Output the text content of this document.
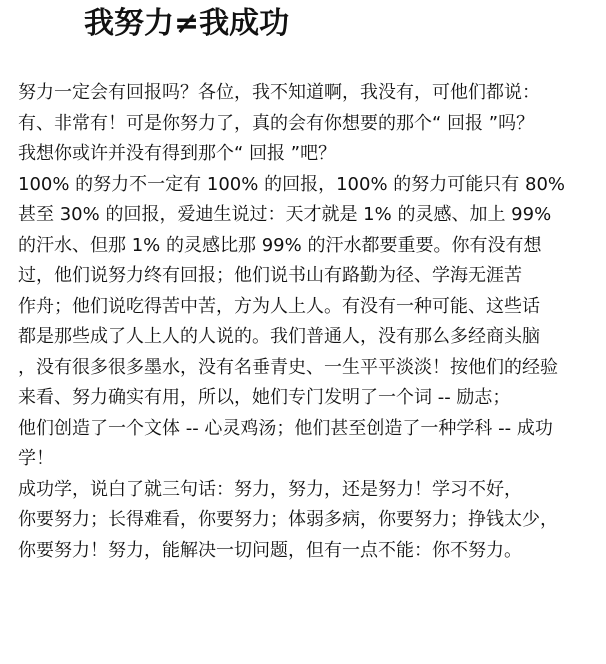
我努力≠我成功
努力一定会有回报吗？各位，我不知道啊，我没有，可他们都说：
有、非常有！可是你努力了，真的会有你想要的那个“ 回报 ”吗？
我想你或许并没有得到那个“ 回报 ”吧？
100% 的努力不一定有 100% 的回报，100% 的努力可能只有 80%
甚至 30% 的回报，爱迪生说过：天才就是 1% 的灵感、加上 99%
的汗水、但那 1% 的灵感比那 99% 的汗水都要重要。你有没有想
过，他们说努力终有回报；他们说书山有路勤为径、学海无涯苦
作舟；他们说吃得苦中苦，方为人上人。有没有一种可能、这些话
都是那些成了人上人的人说的。我们普通人，没有那么多经商头脑
，没有很多很多墨水，没有名垂青史、一生平平淡淡！按他们的经验
来看、努力确实有用，所以，她们专门发明了一个词 -- 励志；
他们创造了一个文体 -- 心灵鸡汤；他们甚至创造了一种学科 -- 成功
学！
成功学，说白了就三句话：努力，努力，还是努力！学习不好，
你要努力；长得难看，你要努力；体弱多病，你要努力；挣钱太少，
你要努力！努力，能解决一切问题，但有一点不能：你不努力。
